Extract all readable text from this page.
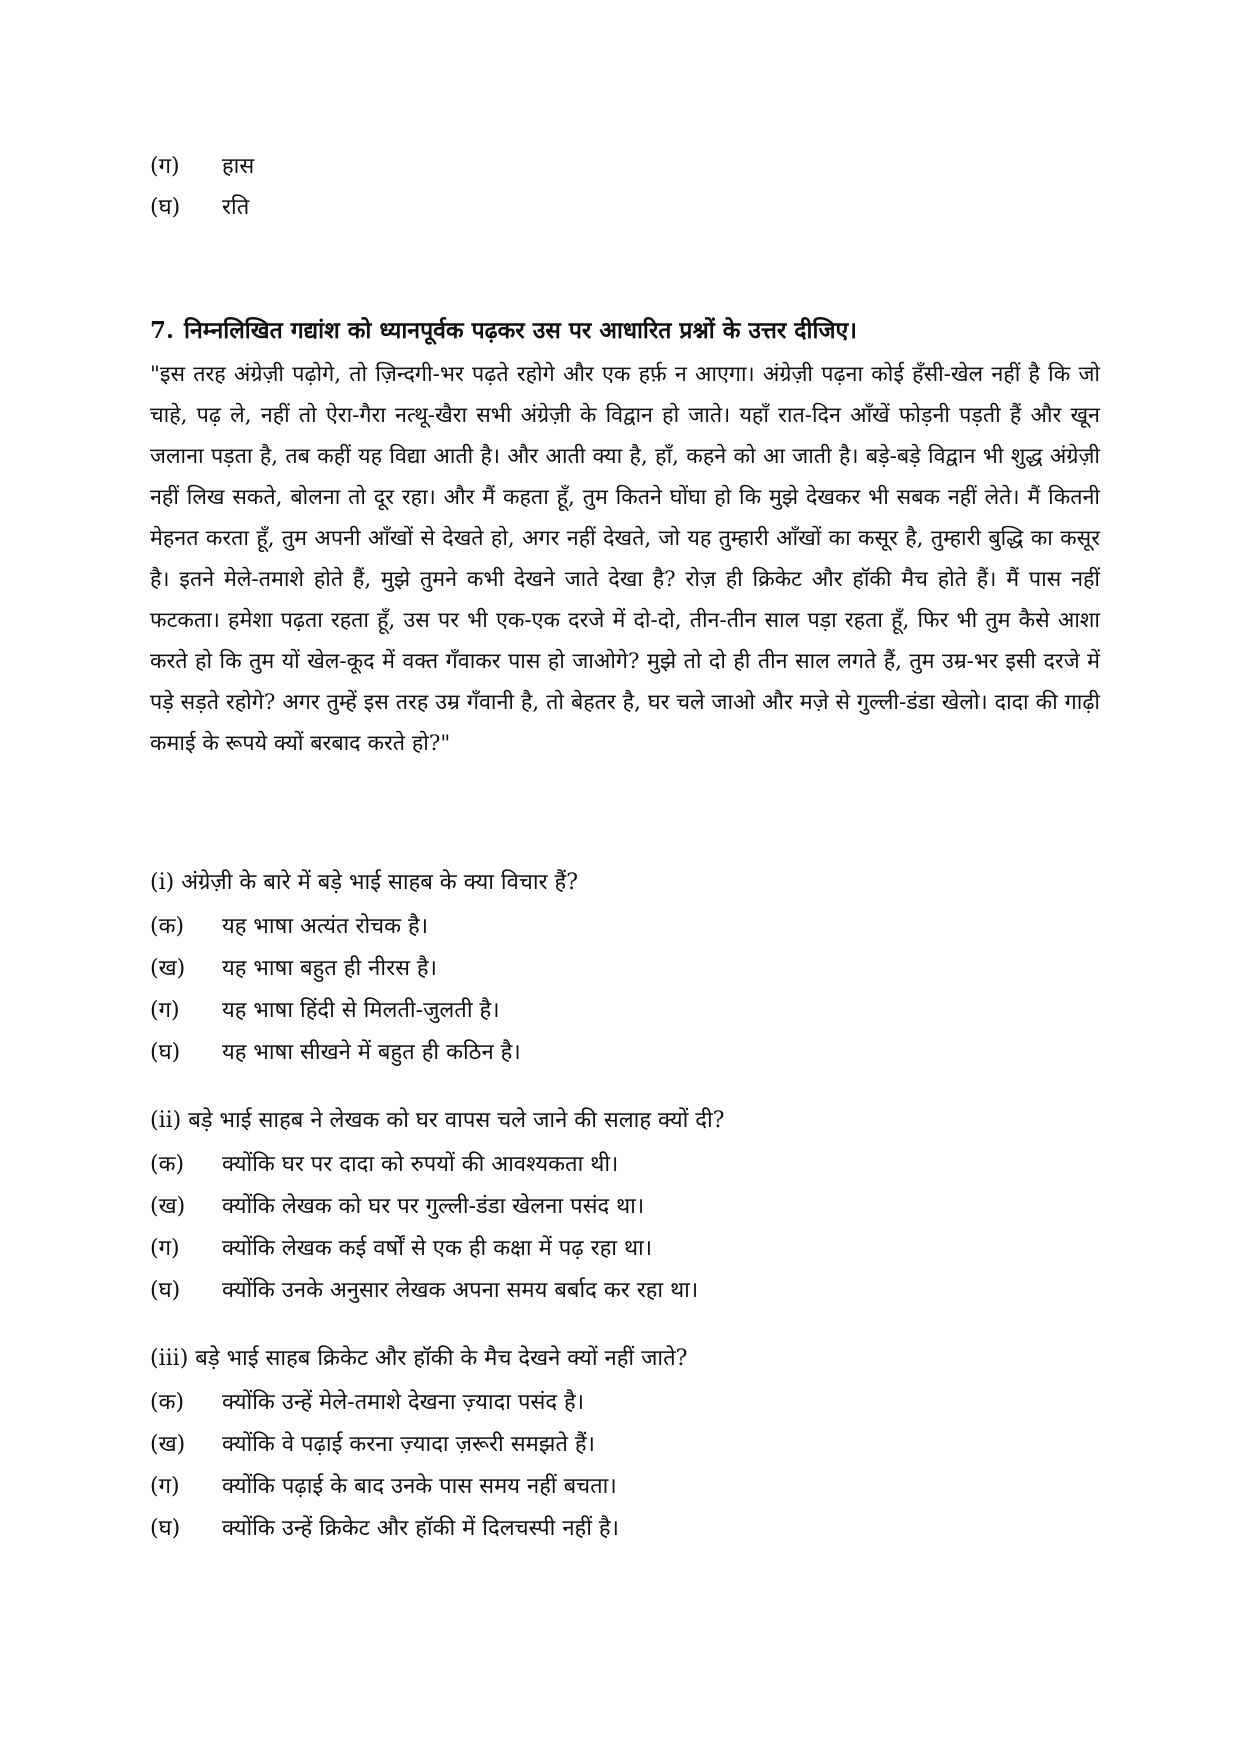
(ग) हास
(घ) रति
7. निम्नलिखित गद्यांश को ध्यानपूर्वक पढ़कर उस पर आधारित प्रश्नों के उत्तर दीजिए।
"इस तरह अंग्रेज़ी पढ़ोगे, तो ज़िन्दगी-भर पढ़ते रहोगे और एक हर्फ़ न आएगा। अंग्रेज़ी पढ़ना कोई हँसी-खेल नहीं है कि जो चाहे, पढ़ ले, नहीं तो ऐरा-गैरा नत्थू-खैरा सभी अंग्रेज़ी के विद्वान हो जाते। यहाँ रात-दिन आँखें फोड़नी पड़ती हैं और खून जलाना पड़ता है, तब कहीं यह विद्या आती है। और आती क्या है, हाँ, कहने को आ जाती है। बड़े-बड़े विद्वान भी शुद्ध अंग्रेज़ी नहीं लिख सकते, बोलना तो दूर रहा। और मैं कहता हूँ, तुम कितने घोंघा हो कि मुझे देखकर भी सबक नहीं लेते। मैं कितनी मेहनत करता हूँ, तुम अपनी आँखों से देखते हो, अगर नहीं देखते, जो यह तुम्हारी आँखों का कसूर है, तुम्हारी बुद्धि का कसूर है। इतने मेले-तमाशे होते हैं, मुझे तुमने कभी देखने जाते देखा है? रोज़ ही क्रिकेट और हॉकी मैच होते हैं। मैं पास नहीं फटकता। हमेशा पढ़ता रहता हूँ, उस पर भी एक-एक दरजे में दो-दो, तीन-तीन साल पड़ा रहता हूँ, फिर भी तुम कैसे आशा करते हो कि तुम यों खेल-कूद में वक्त गँवाकर पास हो जाओगे? मुझे तो दो ही तीन साल लगते हैं, तुम उम्र-भर इसी दरजे में पड़े सड़ते रहोगे? अगर तुम्हें इस तरह उम्र गँवानी है, तो बेहतर है, घर चले जाओ और मज़े से गुल्ली-डंडा खेलो। दादा की गाढ़ी कमाई के रूपये क्यों बरबाद करते हो?"
(i) अंग्रेज़ी के बारे में बड़े भाई साहब के क्या विचार हैं?
(क) यह भाषा अत्यंत रोचक है।
(ख) यह भाषा बहुत ही नीरस है।
(ग) यह भाषा हिंदी से मिलती-जुलती है।
(घ) यह भाषा सीखने में बहुत ही कठिन है।
(ii) बड़े भाई साहब ने लेखक को घर वापस चले जाने की सलाह क्यों दी?
(क) क्योंकि घर पर दादा को रुपयों की आवश्यकता थी।
(ख) क्योंकि लेखक को घर पर गुल्ली-डंडा खेलना पसंद था।
(ग) क्योंकि लेखक कई वर्षों से एक ही कक्षा में पढ़ रहा था।
(घ) क्योंकि उनके अनुसार लेखक अपना समय बर्बाद कर रहा था।
(iii) बड़े भाई साहब क्रिकेट और हॉकी के मैच देखने क्यों नहीं जाते?
(क) क्योंकि उन्हें मेले-तमाशे देखना ज़्यादा पसंद है।
(ख) क्योंकि वे पढ़ाई करना ज़्यादा ज़रूरी समझते हैं।
(ग) क्योंकि पढ़ाई के बाद उनके पास समय नहीं बचता।
(घ) क्योंकि उन्हें क्रिकेट और हॉकी में दिलचस्पी नहीं है।
